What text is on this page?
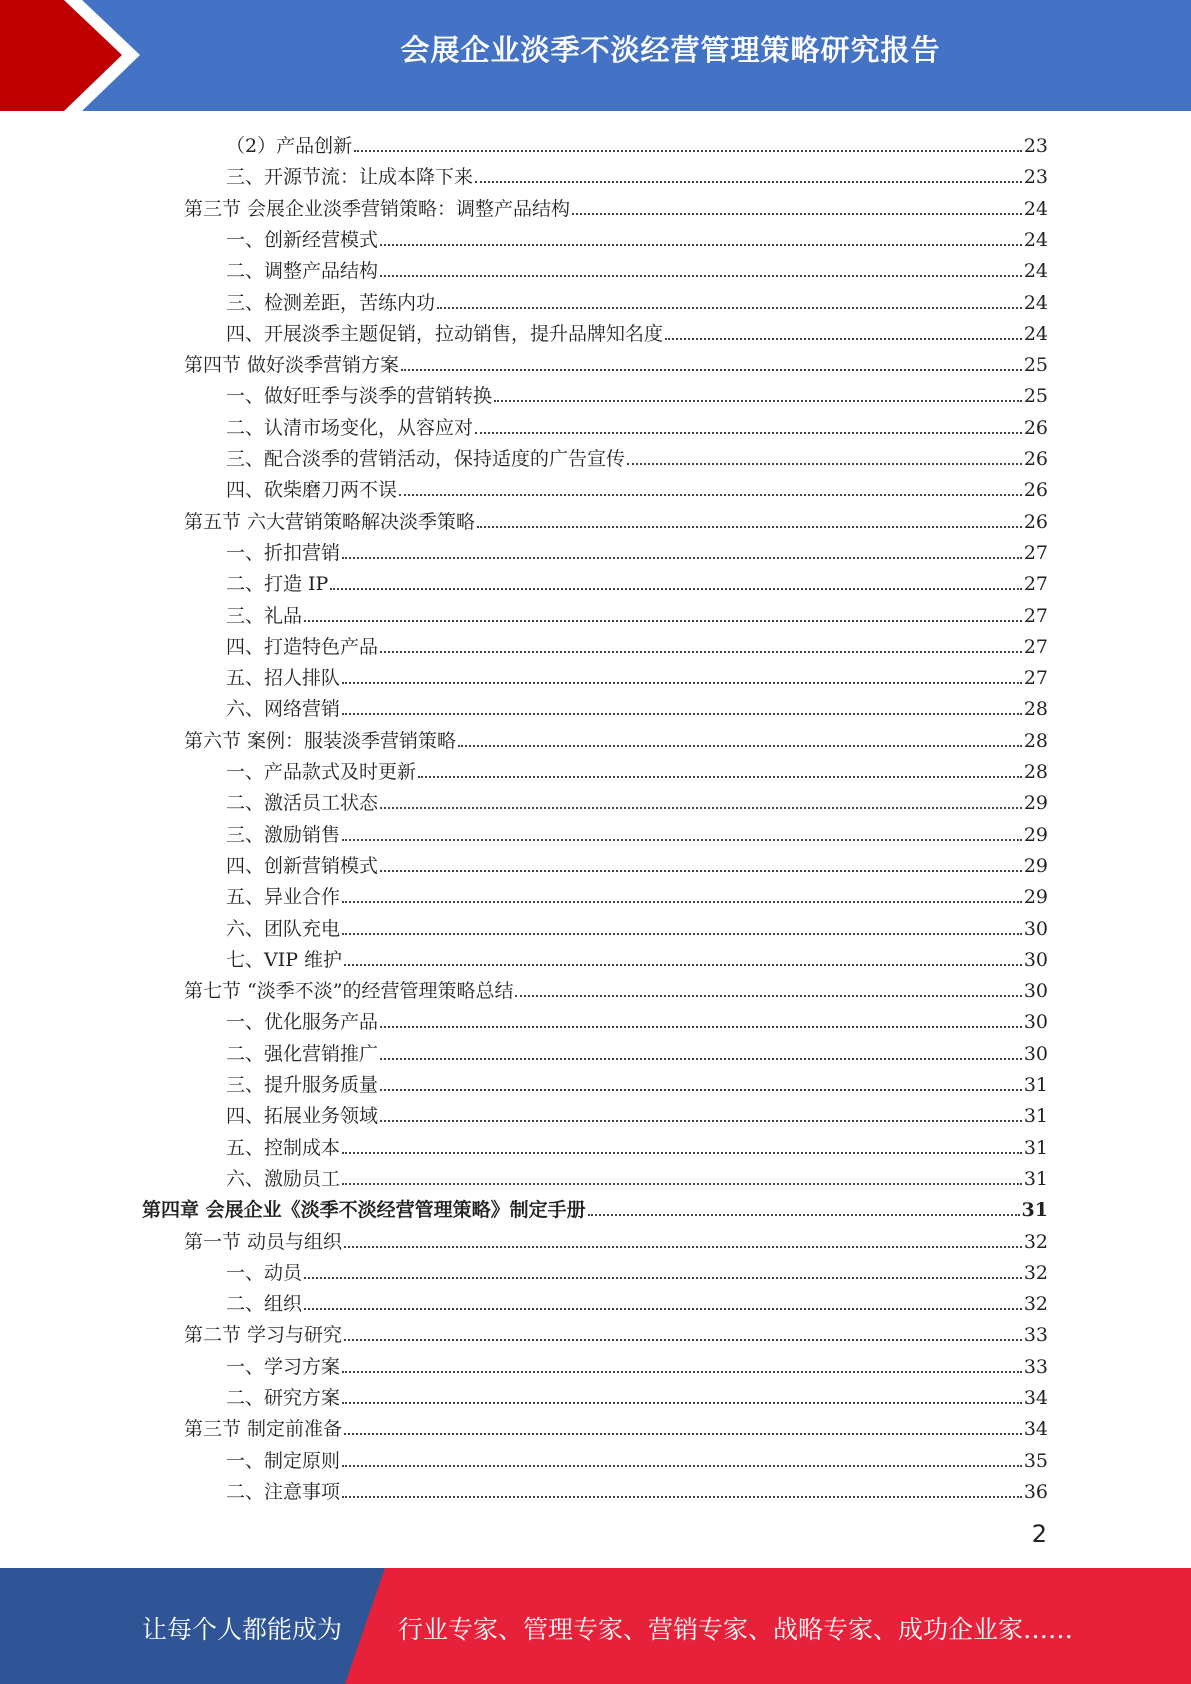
会展企业淡季不淡经营管理策略研究报告
（2）产品创新	23
三、开源节流：让成本降下来	23
第三节 会展企业淡季营销策略：调整产品结构	24
一、创新经营模式	24
二、调整产品结构	24
三、检测差距，苦练内功	24
四、开展淡季主题促销，拉动销售，提升品牌知名度	24
第四节 做好淡季营销方案	25
一、做好旺季与淡季的营销转换	25
二、认清市场变化，从容应对	26
三、配合淡季的营销活动，保持适度的广告宣传	26
四、砍柴磨刀两不误	26
第五节 六大营销策略解决淡季策略	26
一、折扣营销	27
二、打造 IP	27
三、礼品	27
四、打造特色产品	27
五、招人排队	27
六、网络营销	28
第六节 案例：服装淡季营销策略	28
一、产品款式及时更新	28
二、激活员工状态	29
三、激励销售	29
四、创新营销模式	29
五、异业合作	29
六、团队充电	30
七、VIP 维护	30
第七节 “淡季不淡”的经营管理策略总结	30
一、优化服务产品	30
二、强化营销推广	30
三、提升服务质量	31
四、拓展业务领域	31
五、控制成本	31
六、激励员工	31
第四章 会展企业《淡季不淡经营管理策略》制定手册	31
第一节 动员与组织	32
一、动员	32
二、组织	32
第二节 学习与研究	33
一、学习方案	33
二、研究方案	34
第三节 制定前准备	34
一、制定原则	35
二、注意事项	36
2
让每个人都能成为 行业专家、管理专家、营销专家、战略专家、成功企业家……
